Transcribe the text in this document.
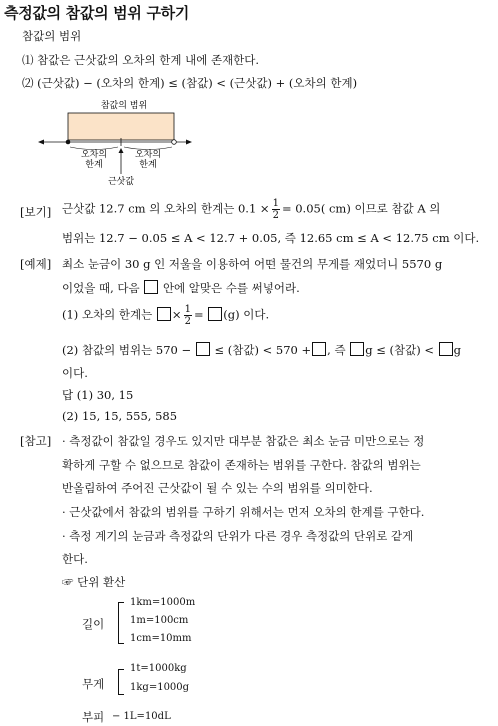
측정값의 참값의 범위 구하기
참값의 범위
⑴ 참값은 근삿값의 오차의 한계 내에 존재한다.
⑵ (근삿값) − (오차의 한계) ≤ (참값) < (근삿값) + (오차의 한계)
참값의 범위
오차의
한계
오차의
한계
근삿값
[보기] 근삿값 12.7 cm 의 오차의 한계는 $0.1 \times \frac{1}{2} = 0.05$( cm) 이므로 참값 A 의
범위는 12.7 − 0.05 ≤ A < 12.7 + 0.05, 즉 12.65 cm ≤ A < 12.75 cm 이다.
[예제] 최소 눈금이 30 g 인 저울을 이용하여 어떤 물건의 무게를 재었더니 5570 g
이었을 때, 다음 안에 알맞은 수를 써넣어라.
(1) 오차의 한계는 × $\frac{1}{2} = (g)$ 이다.
(2) 참값의 범위는 570 − ≤ (참값) < 570 + , 즉 g ≤ (참값) < g
이다.
답 (1) 30, 15
(2) 15, 15, 555, 585
[참고] · 측정값이 참값일 경우도 있지만 대부분 참값은 최소 눈금 미만으로는 정
확하게 구할 수 없으므로 참값이 존재하는 범위를 구한다. 참값의 범위는
반올림하여 주어진 근삿값이 될 수 있는 수의 범위를 의미한다.
· 근삿값에서 참값의 범위를 구하기 위해서는 먼저 오차의 한계를 구한다.
· 측정 계기의 눈금과 측정값의 단위가 다른 경우 측정값의 단위로 같게
한다.
☞ 단위 환산
길이
1km=1000m
1m=100cm
1cm=10mm
무게
1t=1000kg
1kg=1000g
부피 − 1L=10dL
